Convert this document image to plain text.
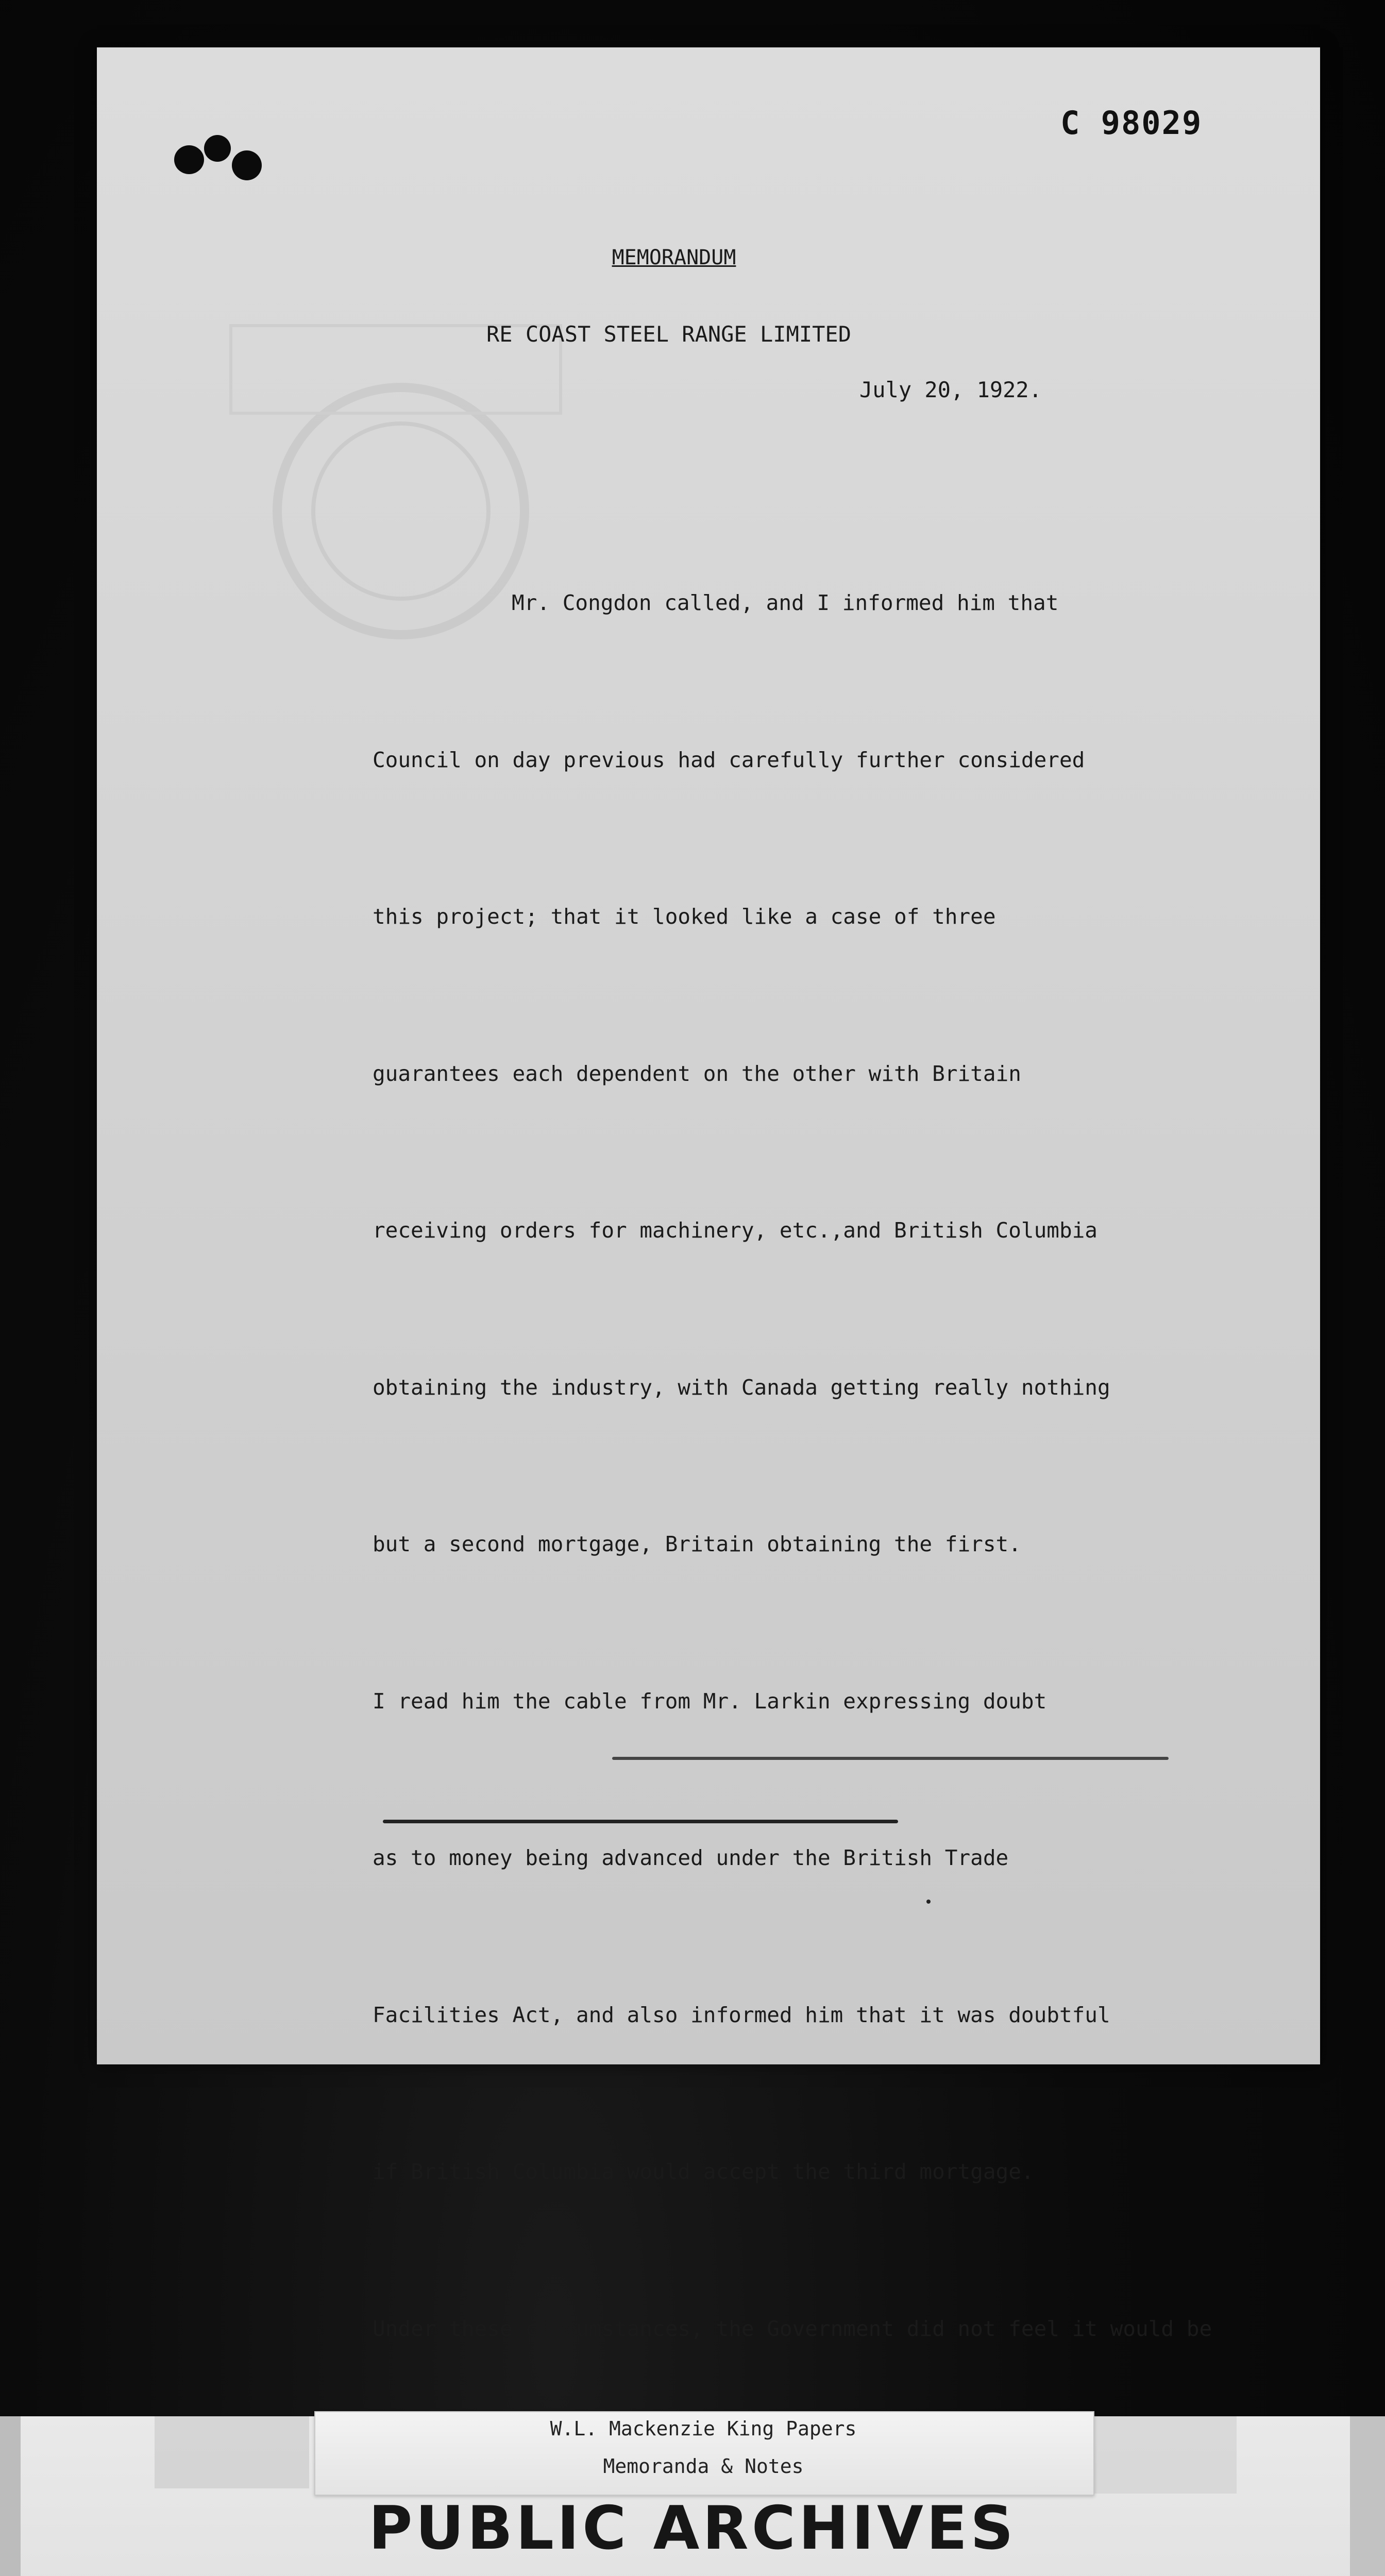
C 98029
MEMORANDUM
RE COAST STEEL RANGE LIMITED
July 20, 1922.

Mr. Congdon called, and I informed him that

Council on day previous had carefully further considered

this project; that it looked like a case of three

guarantees each dependent on the other with Britain

receiving orders for machinery, etc.,and British Columbia

obtaining the industry, with Canada getting really nothing

but a second mortgage, Britain obtaining the first.

I read him the cable from Mr. Larkin expressing doubt

as to money being advanced under the British Trade

Facilities Act, and also informed him that it was doubtful

if British Columbia would accept the third mortgage.

Under these circumstances, the Government did not feel it would be

W.L. Mackenzie King Papers
Memoranda & Notes
PUBLIC ARCHIVES
